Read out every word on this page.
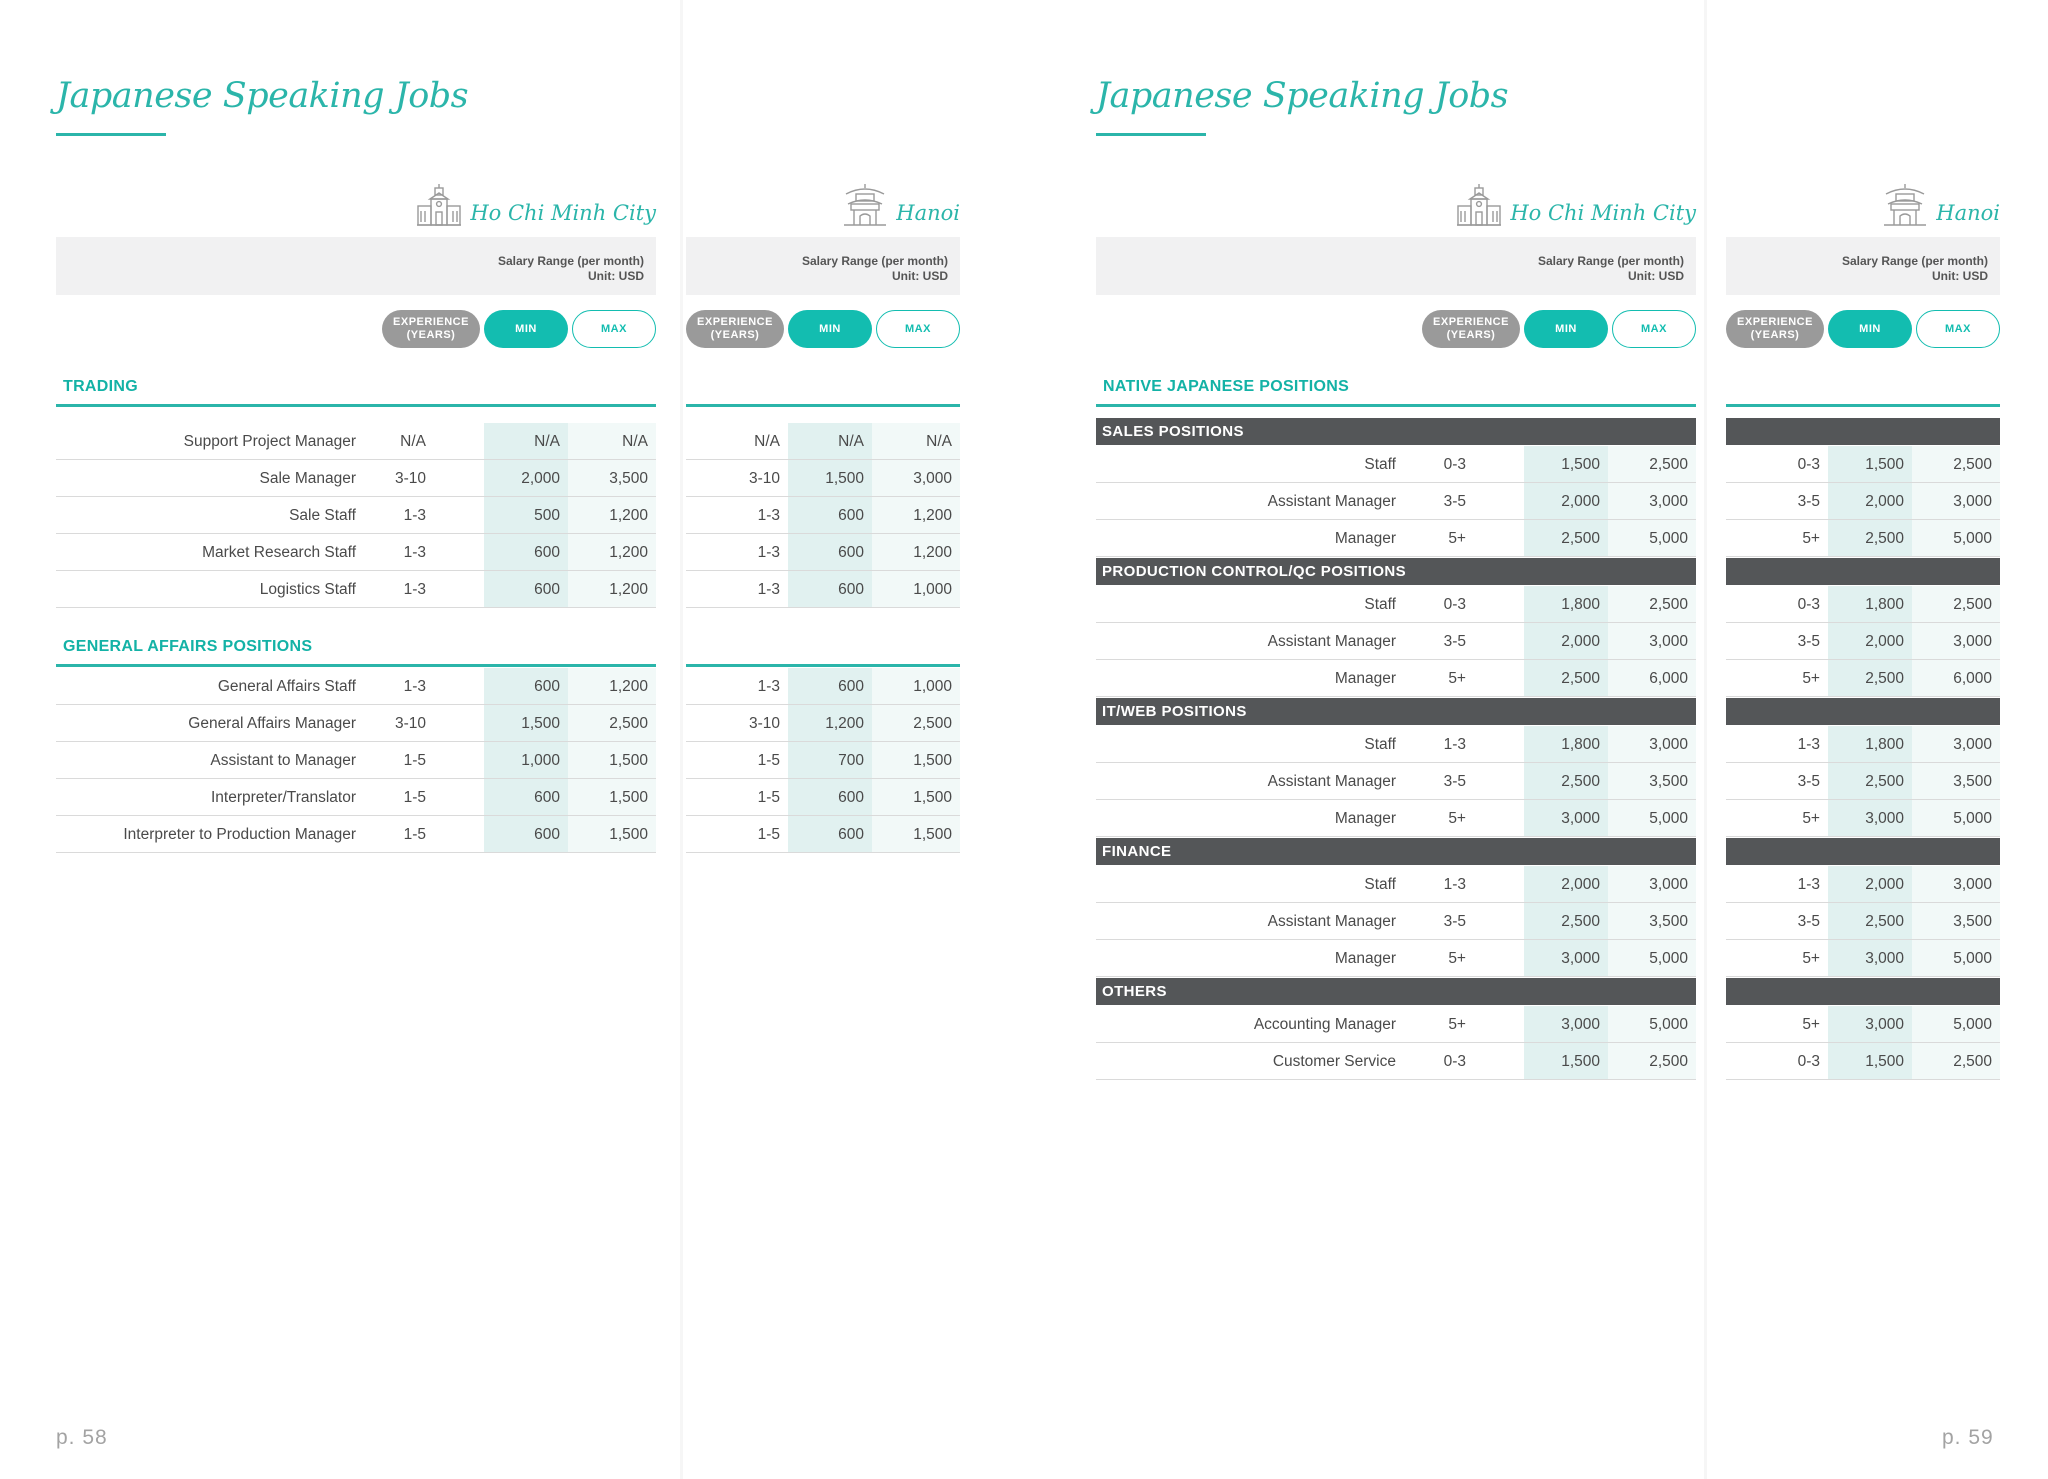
Japanese Speaking Jobs
Ho Chi Minh City
Salary Range (per month)
Unit: USD
EXPERIENCE
(YEARS)
MIN	MAX
TRADING
Support Project Manager	N/A	N/A	N/A
Sale Manager	3-10	2,000	3,500
Sale Staff	1-3	500	1,200
Market Research Staff	1-3	600	1,200
Logistics Staff	1-3	600	1,200
GENERAL AFFAIRS POSITIONS
General Affairs Staff	1-3	600	1,200
General Affairs Manager	3-10	1,500	2,500
Assistant to Manager	1-5	1,000	1,500
Interpreter/Translator	1-5	600	1,500
Interpreter to Production Manager	1-5	600	1,500
Hanoi
Salary Range (per month)
Unit: USD
EXPERIENCE
(YEARS)
MIN	MAX
N/A	N/A	N/A
3-10	1,500	3,000
1-3	600	1,200
1-3	600	1,200
1-3	600	1,000
1-3	600	1,000
3-10	1,200	2,500
1-5	700	1,500
1-5	600	1,500
1-5	600	1,500
p. 58
Japanese Speaking Jobs
Ho Chi Minh City
Salary Range (per month)
Unit: USD
EXPERIENCE
(YEARS)
MIN	MAX
NATIVE JAPANESE POSITIONS
SALES POSITIONS
Staff	0-3	1,500	2,500
Assistant Manager	3-5	2,000	3,000
Manager	5+	2,500	5,000
PRODUCTION CONTROL/QC POSITIONS
Staff	0-3	1,800	2,500
Assistant Manager	3-5	2,000	3,000
Manager	5+	2,500	6,000
IT/WEB POSITIONS
Staff	1-3	1,800	3,000
Assistant Manager	3-5	2,500	3,500
Manager	5+	3,000	5,000
FINANCE
Staff	1-3	2,000	3,000
Assistant Manager	3-5	2,500	3,500
Manager	5+	3,000	5,000
OTHERS
Accounting Manager	5+	3,000	5,000
Customer Service	0-3	1,500	2,500
Hanoi
Salary Range (per month)
Unit: USD
EXPERIENCE
(YEARS)
MIN	MAX
0-3	1,500	2,500
3-5	2,000	3,000
5+	2,500	5,000
0-3	1,800	2,500
3-5	2,000	3,000
5+	2,500	6,000
1-3	1,800	3,000
3-5	2,500	3,500
5+	3,000	5,000
1-3	2,000	3,000
3-5	2,500	3,500
5+	3,000	5,000
5+	3,000	5,000
0-3	1,500	2,500
p. 59
